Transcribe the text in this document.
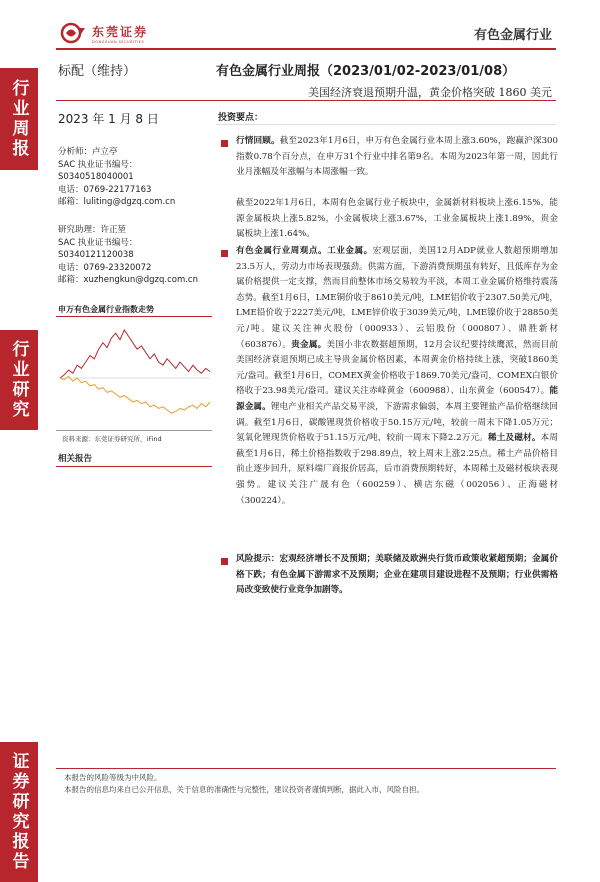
行业周报
行业研究
证券研究报告
东莞证券
DONGGUAN SECURITIES	有色金属行业
标配（维持）	有色金属行业周报（2023/01/02-2023/01/08）
美国经济衰退预期升温，黄金价格突破 1860 美元
2023 年 1 月 8 日
分析师：卢立亭
SAC 执业证书编号：
S0340518040001
电话：0769-22177163
邮箱：luliting@dgzq.com.cn
研究助理：许正堃
SAC 执业证书编号：
S0340121120038
电话：0769-23320072
邮箱：xuzhengkun@dgzq.com.cn
申万有色金属行业指数走势
资料来源：东莞证券研究所，iFind
相关报告
投资要点：
行情回顾。截至2023年1月6日，申万有色金属行业本周上涨3.60%，跑赢沪深300指数0.78个百分点，在申万31个行业中排名第9名。本周为2023年第一周，因此行业月涨幅及年涨幅与本周涨幅一致。
截至2022年1月6日，本周有色金属行业子板块中，金属新材料板块上涨6.15%，能源金属板块上涨5.82%，小金属板块上涨3.67%，工业金属板块上涨1.89%，贵金属板块上涨1.64%。
有色金属行业周观点。工业金属。宏观层面，美国12月ADP就业人数超预期增加23.5万人，劳动力市场表现强劲。供需方面，下游消费预期虽有转好，且低库存为金属价格提供一定支撑，然而目前整体市场交易较为平淡，本周工业金属价格维持震荡态势。截至1月6日，LME铜价收于8610美元/吨，LME铝价收于2307.50美元/吨，LME铅价收于2227美元/吨，LME锌价收于3039美元/吨，LME镍价收于28850美元/吨。建议关注神火股份（000933）、云铝股份（000807）、鼎胜新材（603876）。贵金属。美国小非农数据超预期，12月会议纪要持续鹰派，然而目前美国经济衰退预期已成主导贵金属价格因素，本周黄金价格持续上涨，突破1860美元/盎司。截至1月6日，COMEX黄金价格收于1869.70美元/盎司，COMEX白银价格收于23.98美元/盎司。建议关注赤峰黄金（600988）、山东黄金（600547）。能源金属。锂电产业相关产品交易平淡，下游需求偏弱，本周主要锂盐产品价格继续回调。截至1月6日，碳酸锂现货价格收于50.15万元/吨，较前一周末下降1.05万元；氢氧化锂现货价格收于51.15万元/吨，较前一周末下降2.2万元。稀土及磁材。本周截至1月6日，稀土价格指数收于298.89点，较上周末上涨2.25点。稀土产品价格目前止逐步回升，原料端厂商报价居高，后市消费预期转好，本周稀土及磁材板块表现强势。建议关注广晟有色（600259）、横店东磁（002056）、正海磁材（300224）。
风险提示：宏观经济增长不及预期；美联储及欧洲央行货币政策收紧超预期；金属价格下跌；有色金属下游需求不及预期；企业在建项目建设进程不及预期；行业供需格局改变致使行业竞争加剧等。
本报告的风险等级为中风险。
本报告的信息均来自已公开信息，关于信息的准确性与完整性，建议投资者谨慎判断，据此入市，风险自担。
